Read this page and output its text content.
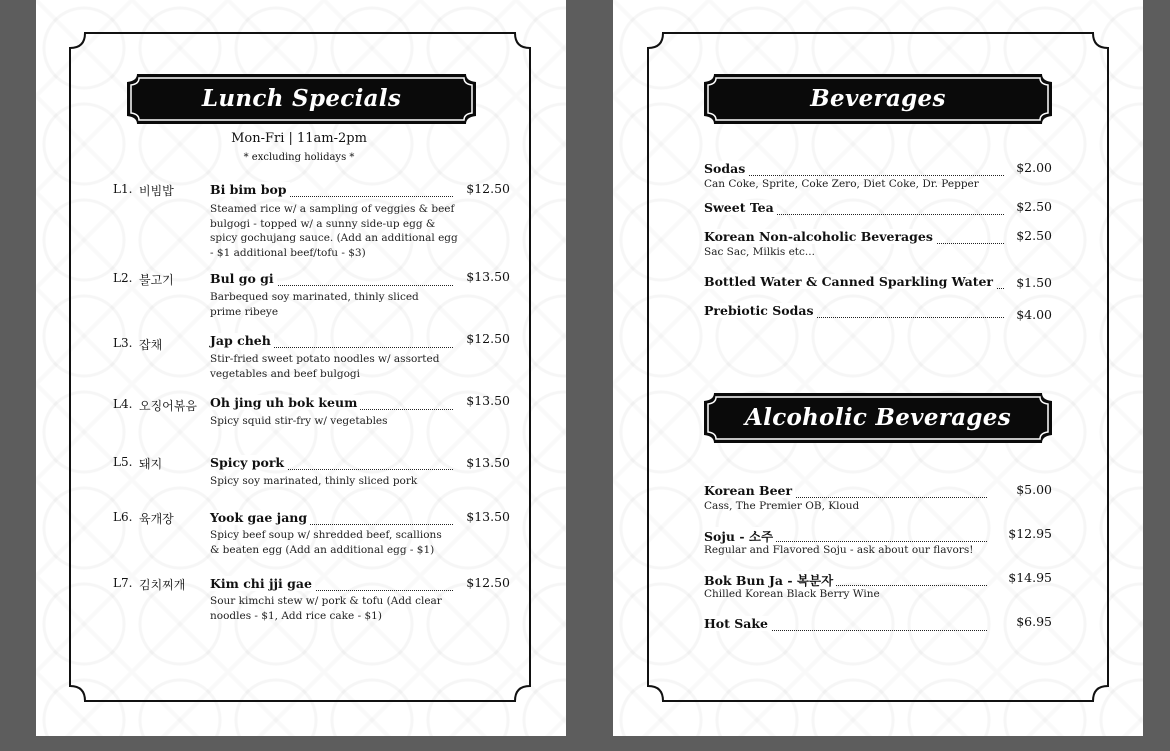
Lunch Specials
Mon-Fri | 11am-2pm
* excluding holidays *
L1. 비빔밥	Bi bim bop	$12.50
Steamed rice w/ a sampling of veggies & beef bulgogi - topped w/ a sunny side-up egg & spicy gochujang sauce. (Add an additional egg - $1 additional beef/tofu - $3)
L2. 불고기	Bul go gi	$13.50
Barbequed soy marinated, thinly sliced prime ribeye
L3. 잡채	Jap cheh	$12.50
Stir-fried sweet potato noodles w/ assorted vegetables and beef bulgogi
L4. 오징어볶음 Oh jing uh bok keum	$13.50
Spicy squid stir-fry w/ vegetables
L5. 돼지	Spicy pork	$13.50
Spicy soy marinated, thinly sliced pork
L6. 육개장	Yook gae jang	$13.50
Spicy beef soup w/ shredded beef, scallions & beaten egg (Add an additional egg - $1)
L7. 김치찌개 Kim chi jji gae	$12.50
Sour kimchi stew w/ pork & tofu (Add clear noodles - $1, Add rice cake - $1)
Beverages
Sodas	$2.00
Can Coke, Sprite, Coke Zero, Diet Coke, Dr. Pepper
Sweet Tea	$2.50
Korean Non-alcoholic Beverages	$2.50
Sac Sac, Milkis etc...
Bottled Water & Canned Sparkling Water	$1.50
Prebiotic Sodas	$4.00
Alcoholic Beverages
Korean Beer	$5.00
Cass, The Premier OB, Kloud
Soju - 소주	$12.95
Regular and Flavored Soju - ask about our flavors!
Bok Bun Ja - 복분자	$14.95
Chilled Korean Black Berry Wine
Hot Sake	$6.95
